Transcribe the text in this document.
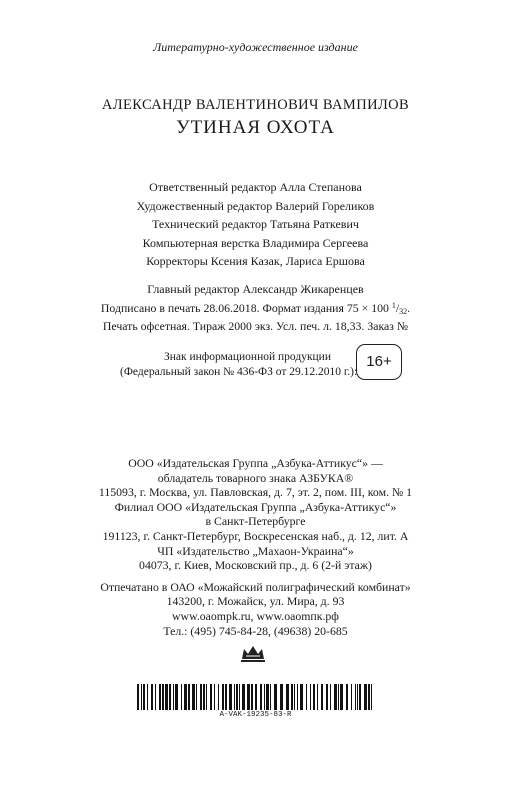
Литературно-художественное издание
АЛЕКСАНДР ВАЛЕНТИНОВИЧ ВАМПИЛОВ
УТИНАЯ ОХОТА
Ответственный редактор Алла Степанова
Художественный редактор Валерий Гореликов
Технический редактор Татьяна Раткевич
Компьютерная верстка Владимира Сергеева
Корректоры Ксения Казак, Лариса Ершова
Главный редактор Александр Жикаренцев
Подписано в печать 28.06.2018. Формат издания 75 × 100 $^1$/32.
Печать офсетная. Тираж 2000 экз. Усл. печ. л. 18,33. Заказ №
Знак информационной продукции
(Федеральный закон № 436-ФЗ от 29.12.2010 г.):
16+
ООО «Издательская Группа „Азбука-Аттикус“» —
обладатель товарного знака АЗБУКА®
115093, г. Москва, ул. Павловская, д. 7, эт. 2, пом. III, ком. № 1
Филиал ООО «Издательская Группа „Азбука-Аттикус“»
в Санкт-Петербурге
191123, г. Санкт-Петербург, Воскресенская наб., д. 12, лит. А
ЧП «Издательство „Махаон-Украина“»
04073, г. Киев, Московский пр., д. 6 (2-й этаж)
Отпечатано в ОАО «Можайский полиграфический комбинат»
143200, г. Можайск, ул. Мира, д. 93
www.oaompk.ru, www.oaomпк.рф
Тел.: (495) 745-84-28, (49638) 20-685
A-VAK-19235-83-R
